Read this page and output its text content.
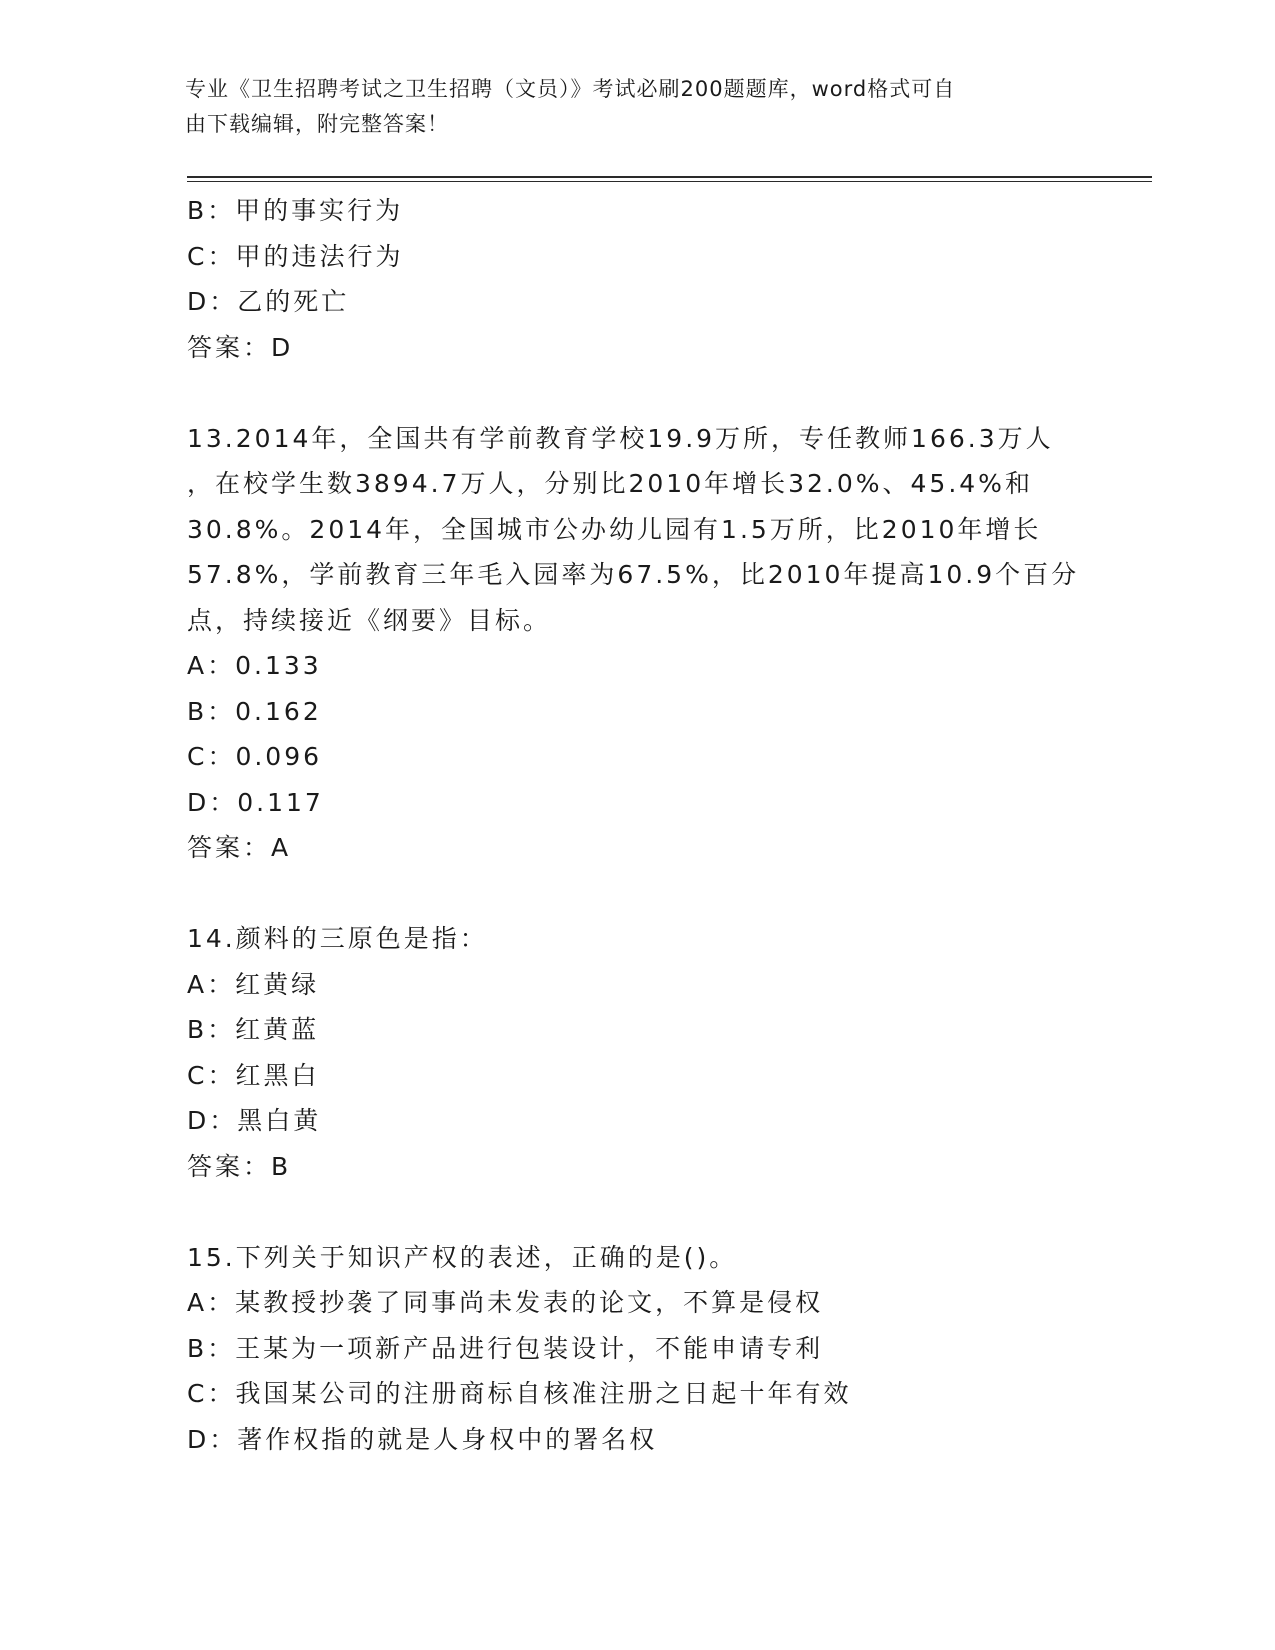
专业《卫生招聘考试之卫生招聘（文员）》考试必刷200题题库，word格式可自
由下载编辑，附完整答案！
B：甲的事实行为
C：甲的违法行为
D：乙的死亡
答案：D
13.2014年，全国共有学前教育学校19.9万所，专任教师166.3万人
，在校学生数3894.7万人，分别比2010年增长32.0%、45.4%和
30.8%。2014年，全国城市公办幼儿园有1.5万所，比2010年增长
57.8%，学前教育三年毛入园率为67.5%，比2010年提高10.9个百分
点，持续接近《纲要》目标。
A：0.133
B：0.162
C：0.096
D：0.117
答案：A
14.颜料的三原色是指：
A：红黄绿
B：红黄蓝
C：红黑白
D：黑白黄
答案：B
15.下列关于知识产权的表述，正确的是()。
A：某教授抄袭了同事尚未发表的论文，不算是侵权
B：王某为一项新产品进行包装设计，不能申请专利
C：我国某公司的注册商标自核准注册之日起十年有效
D：著作权指的就是人身权中的署名权
